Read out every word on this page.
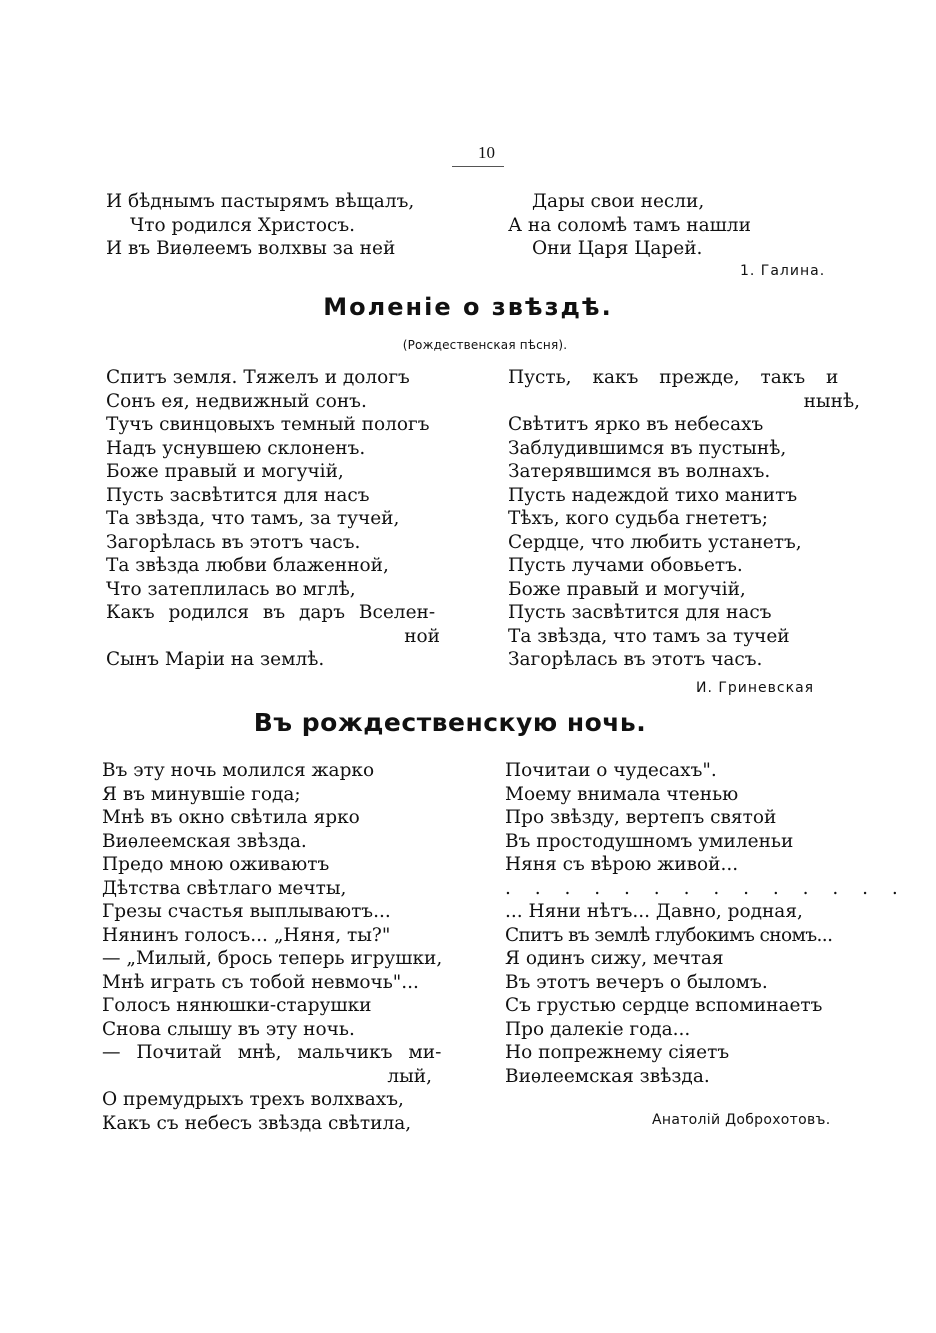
10
И бѣднымъ пастырямъ вѣщалъ,
Что родился Христосъ.
И въ Виѳлеемъ волхвы за ней
Дары свои несли,
А на соломѣ тамъ нашли
Они Царя Царей.
1. Галина.
Моленіе о звѣздѣ.
(Рождественская пѣсня).
Спитъ земля. Тяжелъ и дологъ
Сонъ ея, недвижный сонъ.
Тучъ свинцовыхъ темный пологъ
Надъ уснувшею склоненъ.
Боже правый и могучій,
Пусть засвѣтится для насъ
Та звѣзда, что тамъ, за тучей,
Загорѣлась въ этотъ часъ.
Та звѣзда любви блаженной,
Что затеплилась во мглѣ,
Какъ родился въ даръ Вселен-
ной
Сынъ Маріи на землѣ.
Пусть, какъ прежде, такъ и
нынѣ,
Свѣтитъ ярко въ небесахъ
Заблудившимся въ пустынѣ,
Затерявшимся въ волнахъ.
Пусть надеждой тихо манитъ
Тѣхъ, кого судьба гнететъ;
Сердце, что любить устанетъ,
Пусть лучами обовьетъ.
Боже правый и могучій,
Пусть засвѣтится для насъ
Та звѣзда, что тамъ за тучей
Загорѣлась въ этотъ часъ.
И. Гриневская
Въ рождественскую ночь.
Въ эту ночь молился жарко
Я въ минувшіе года;
Мнѣ въ окно свѣтила ярко
Виѳлеемская звѣзда.
Предо мною оживаютъ
Дѣтства свѣтлаго мечты,
Грезы счастья выплываютъ...
Нянинъ голосъ... „Няня, ты?"
— „Милый, брось теперь игрушки,
Мнѣ играть съ тобой невмочь"...
Голосъ нянюшки-старушки
Снова слышу въ эту ночь.
— Почитай мнѣ, мальчикъ ми-
лый,
О премудрыхъ трехъ волхвахъ,
Какъ съ небесъ звѣзда свѣтила,
Почитаи о чудесахъ".
Моему внимала чтенью
Про звѣзду, вертепъ святой
Въ простодушномъ умиленьи
Няня съ вѣрою живой...
. . . . . . . . . . . . . .
... Няни нѣтъ... Давно, родная,
Спитъ въ землѣ глубокимъ сномъ...
Я одинъ сижу, мечтая
Въ этотъ вечеръ о быломъ.
Съ грустью сердце вспоминаетъ
Про далекіе года...
Но попрежнему сіяетъ
Виѳлеемская звѣзда.
Анатолій Доброхотовъ.
